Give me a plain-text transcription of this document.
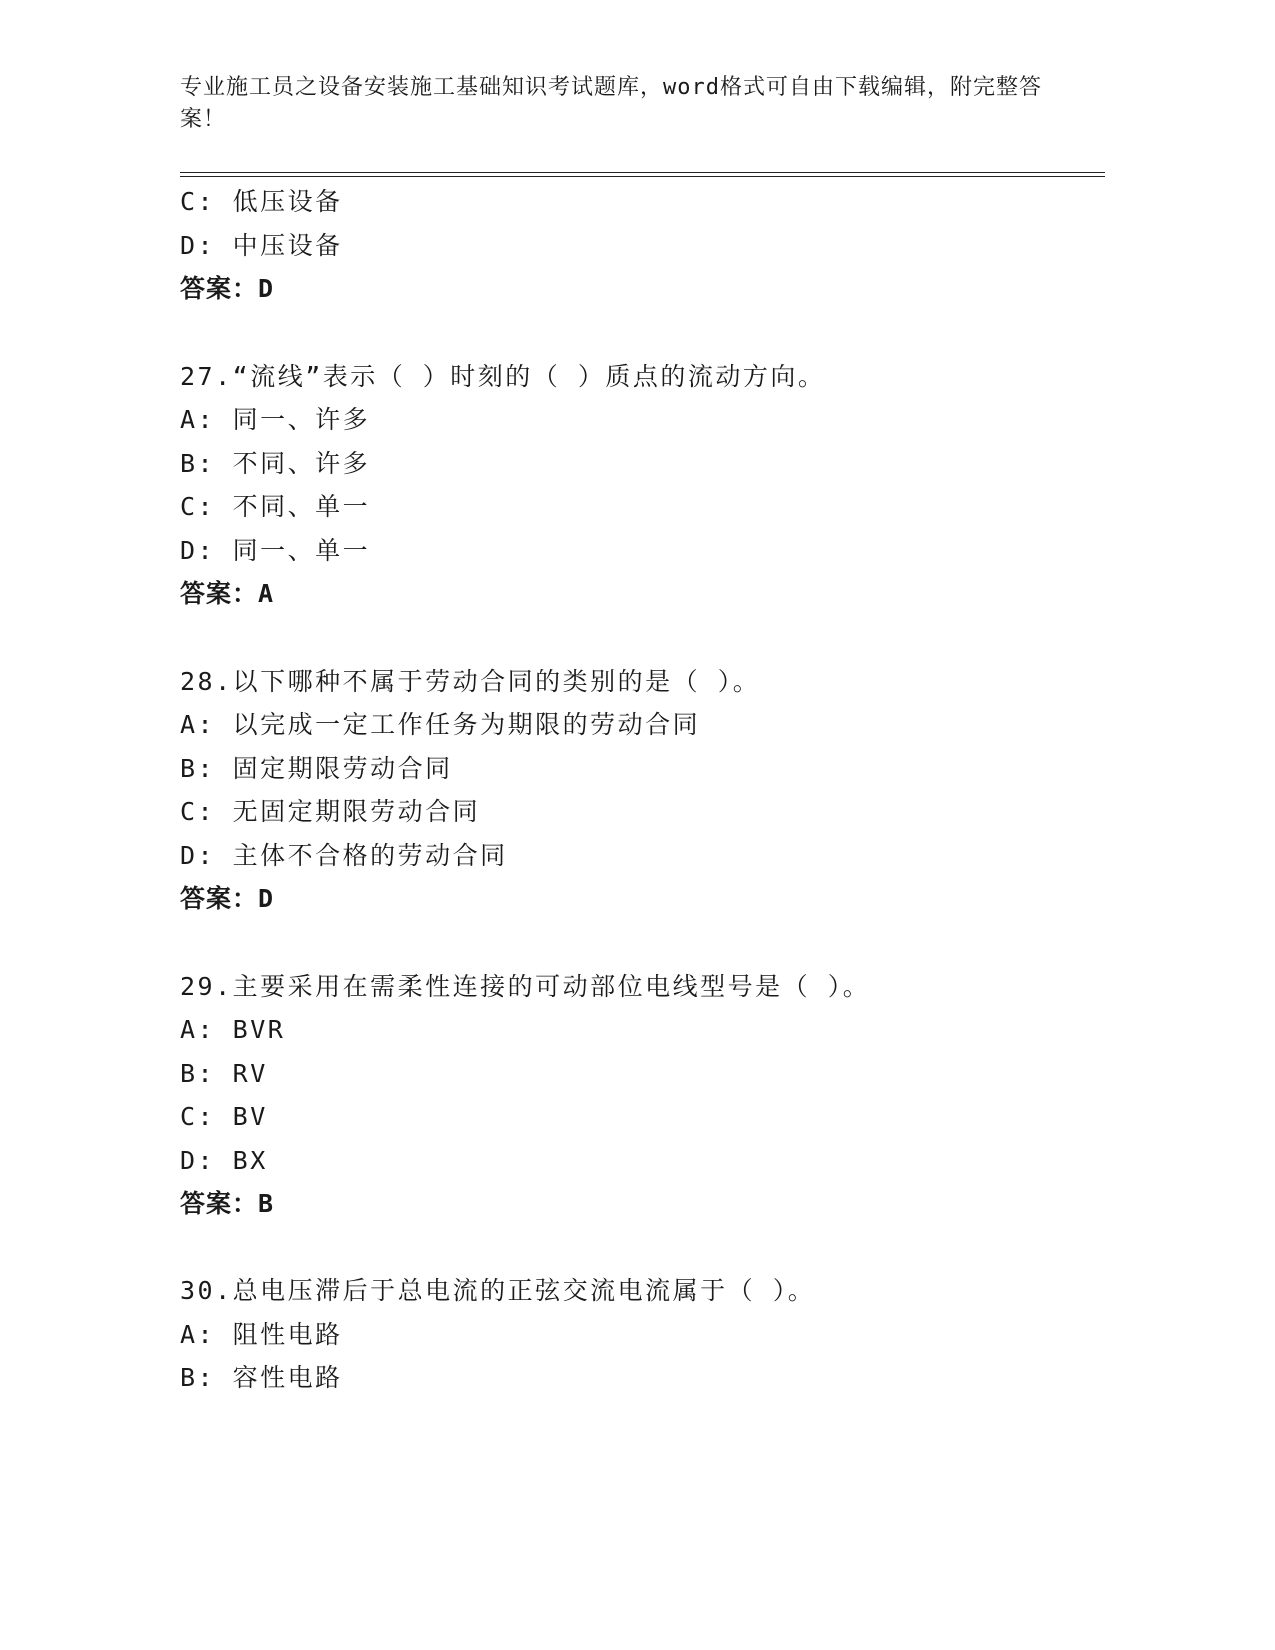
专业施工员之设备安装施工基础知识考试题库，word格式可自由下载编辑，附完整答案！
C: 低压设备
D: 中压设备
答案：D
27.“流线”表示（ ）时刻的（ ）质点的流动方向。
A: 同一、许多
B: 不同、许多
C: 不同、单一
D: 同一、单一
答案：A
28.以下哪种不属于劳动合同的类别的是（ ）。
A: 以完成一定工作任务为期限的劳动合同
B: 固定期限劳动合同
C: 无固定期限劳动合同
D: 主体不合格的劳动合同
答案：D
29.主要采用在需柔性连接的可动部位电线型号是（ ）。
A: BVR
B: RV
C: BV
D: BX
答案：B
30.总电压滞后于总电流的正弦交流电流属于（ ）。
A: 阻性电路
B: 容性电路
